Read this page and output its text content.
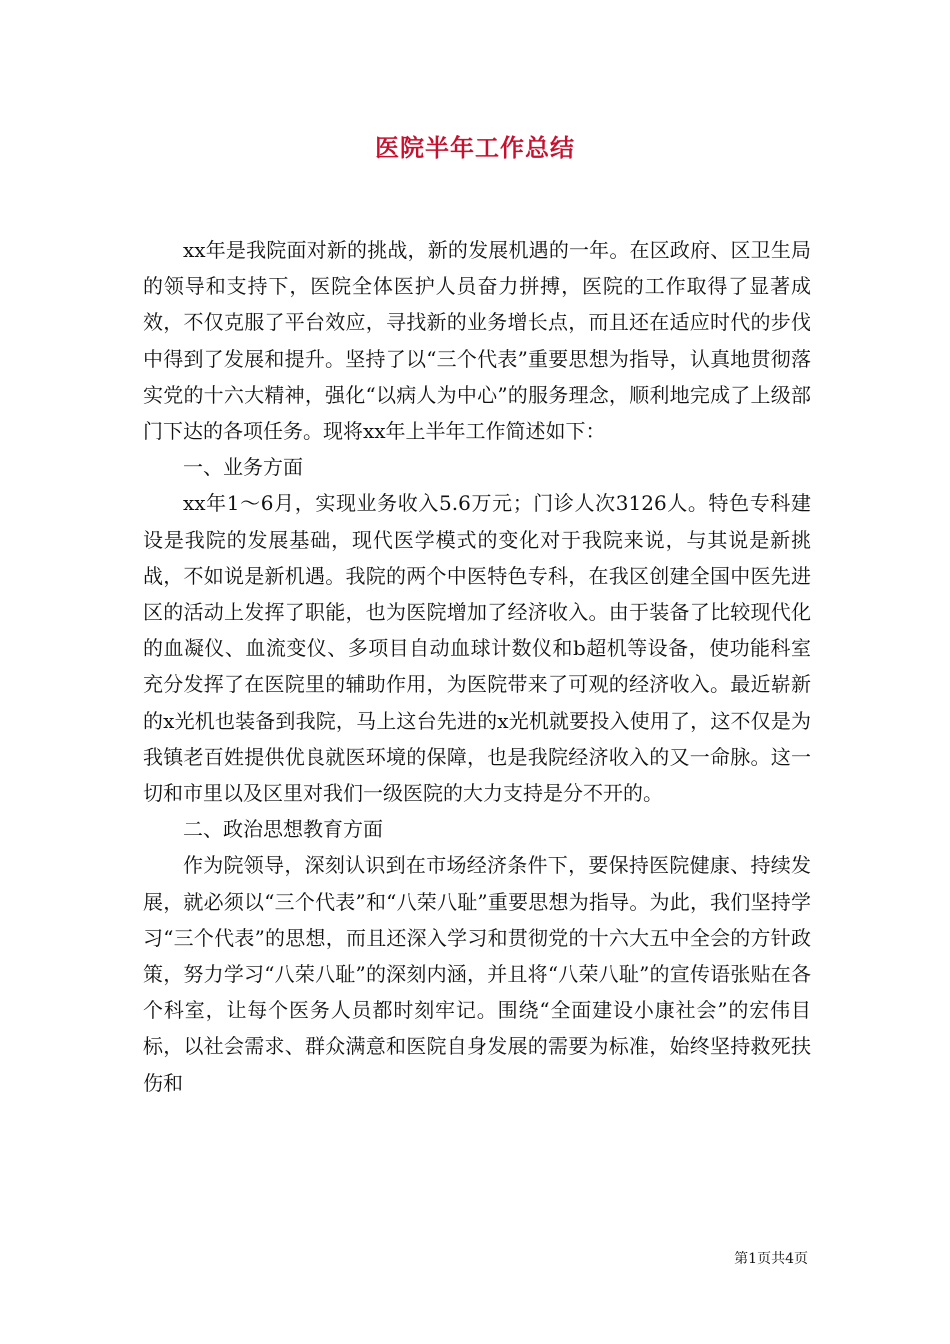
医院半年工作总结

xx年是我院面对新的挑战，新的发展机遇的一年。在区政府、区卫生局的领导和支持下，医院全体医护人员奋力拼搏，医院的工作取得了显著成效，不仅克服了平台效应，寻找新的业务增长点，而且还在适应时代的步伐中得到了发展和提升。坚持了以“三个代表”重要思想为指导，认真地贯彻落实党的十六大精神，强化“以病人为中心”的服务理念，顺利地完成了上级部门下达的各项任务。现将xx年上半年工作简述如下：

一、业务方面

xx年1～6月，实现业务收入5.6万元；门诊人次3126人。特色专科建设是我院的发展基础，现代医学模式的变化对于我院来说，与其说是新挑战，不如说是新机遇。我院的两个中医特色专科，在我区创建全国中医先进区的活动上发挥了职能，也为医院增加了经济收入。由于装备了比较现代化的血凝仪、血流变仪、多项目自动血球计数仪和b超机等设备，使功能科室充分发挥了在医院里的辅助作用，为医院带来了可观的经济收入。最近崭新的x光机也装备到我院，马上这台先进的x光机就要投入使用了，这不仅是为我镇老百姓提供优良就医环境的保障，也是我院经济收入的又一命脉。这一切和市里以及区里对我们一级医院的大力支持是分不开的。

二、政治思想教育方面

作为院领导，深刻认识到在市场经济条件下，要保持医院健康、持续发展，就必须以“三个代表”和“八荣八耻”重要思想为指导。为此，我们坚持学习“三个代表”的思想，而且还深入学习和贯彻党的十六大五中全会的方针政策，努力学习“八荣八耻”的深刻内涵，并且将“八荣八耻”的宣传语张贴在各个科室，让每个医务人员都时刻牢记。围绕“全面建设小康社会”的宏伟目标，以社会需求、群众满意和医院自身发展的需要为标准，始终坚持救死扶伤和

第1页共4页
